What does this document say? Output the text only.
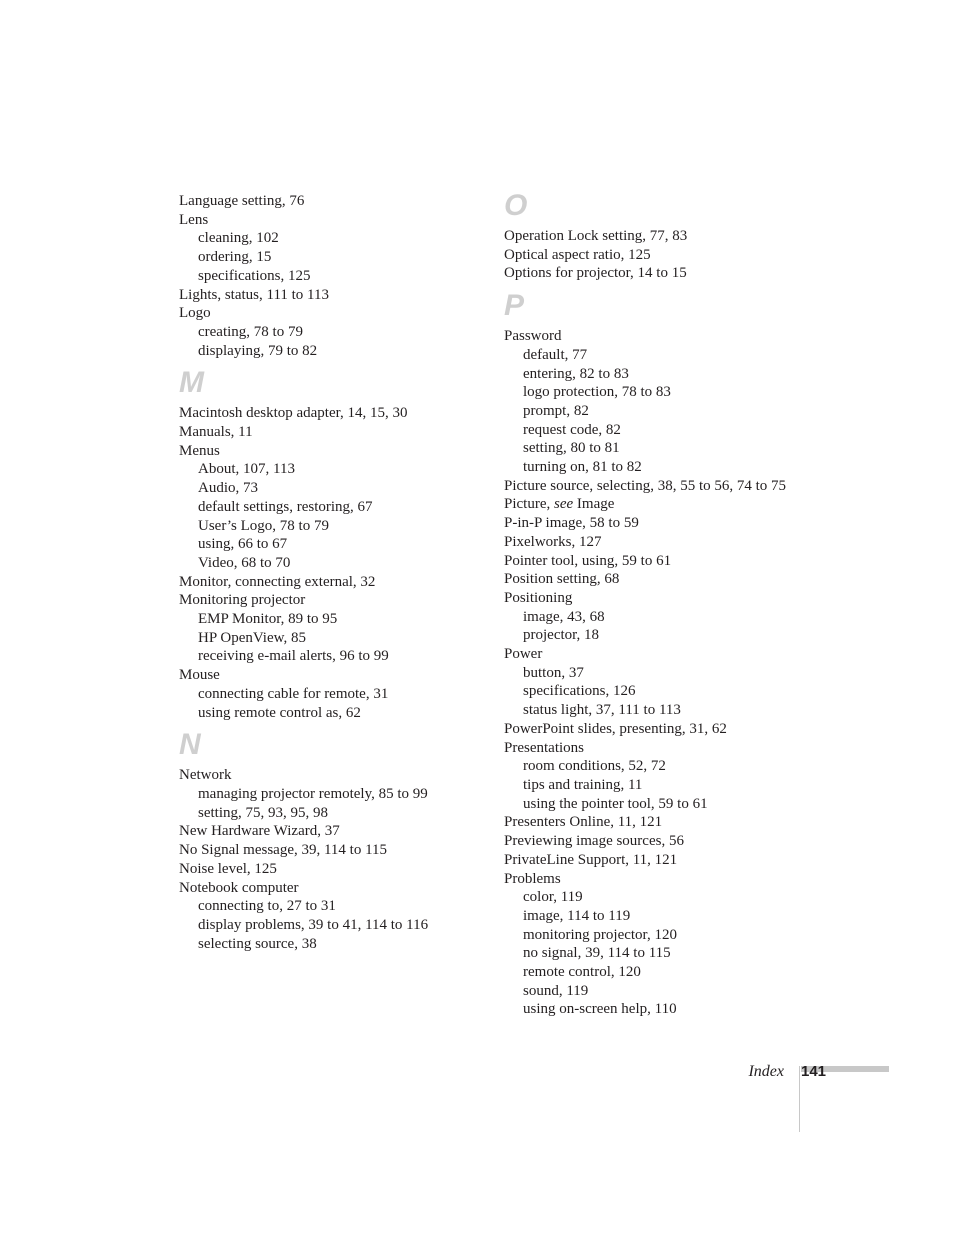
Language setting, 76
Lens
cleaning, 102
ordering, 15
specifications, 125
Lights, status, 111 to 113
Logo
creating, 78 to 79
displaying, 79 to 82
M
Macintosh desktop adapter, 14, 15, 30
Manuals, 11
Menus
About, 107, 113
Audio, 73
default settings, restoring, 67
User’s Logo, 78 to 79
using, 66 to 67
Video, 68 to 70
Monitor, connecting external, 32
Monitoring projector
EMP Monitor, 89 to 95
HP OpenView, 85
receiving e-mail alerts, 96 to 99
Mouse
connecting cable for remote, 31
using remote control as, 62
N
Network
managing projector remotely, 85 to 99
setting, 75, 93, 95, 98
New Hardware Wizard, 37
No Signal message, 39, 114 to 115
Noise level, 125
Notebook computer
connecting to, 27 to 31
display problems, 39 to 41, 114 to 116
selecting source, 38
O
Operation Lock setting, 77, 83
Optical aspect ratio, 125
Options for projector, 14 to 15
P
Password
default, 77
entering, 82 to 83
logo protection, 78 to 83
prompt, 82
request code, 82
setting, 80 to 81
turning on, 81 to 82
Picture source, selecting, 38, 55 to 56, 74 to 75
Picture, see Image
P-in-P image, 58 to 59
Pixelworks, 127
Pointer tool, using, 59 to 61
Position setting, 68
Positioning
image, 43, 68
projector, 18
Power
button, 37
specifications, 126
status light, 37, 111 to 113
PowerPoint slides, presenting, 31, 62
Presentations
room conditions, 52, 72
tips and training, 11
using the pointer tool, 59 to 61
Presenters Online, 11, 121
Previewing image sources, 56
PrivateLine Support, 11, 121
Problems
color, 119
image, 114 to 119
monitoring projector, 120
no signal, 39, 114 to 115
remote control, 120
sound, 119
using on-screen help, 110
Index 141
